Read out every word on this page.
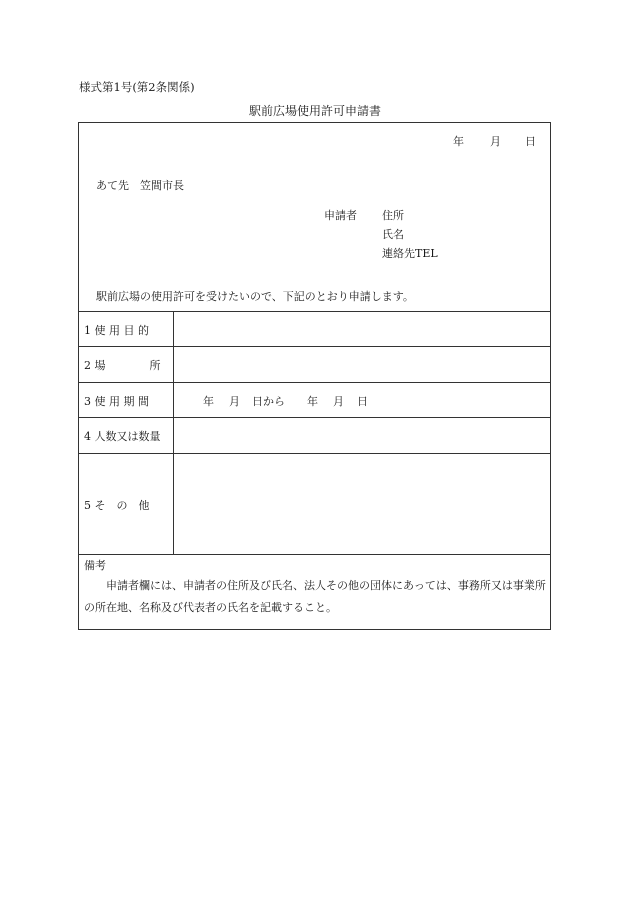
様式第1号(第2条関係)
駅前広場使用許可申請書
年 月 日
あて先　笠間市長
申請者 住所
氏名
連絡先TEL
駅前広場の使用許可を受けたいので、下記のとおり申請します。
1 使 用 目 的
2 場　　　　所
3 使 用 期 間
4 人数又は数量
5 そ　の　他
年 月 日から 年 月 日
備考
申請者欄には、申請者の住所及び氏名、法人その他の団体にあっては、事務所又は事業所の所在地、名称及び代表者の氏名を記載すること。
